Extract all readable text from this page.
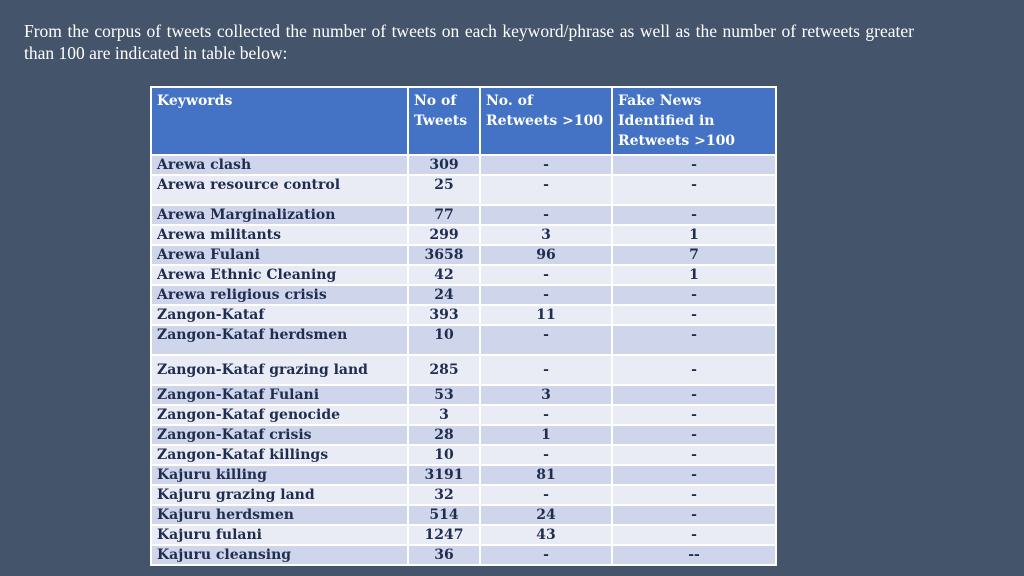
From the corpus of tweets collected the number of tweets on each keyword/phrase as well as the number of retweets greater than 100 are indicated in table below:
Keywords	No of Tweets	No. of Retweets >100	Fake News Identified in Retweets >100
Arewa clash	309	-	-
Arewa resource control	25	-	-
Arewa Marginalization	77	-	-
Arewa militants	299	3	1
Arewa Fulani	3658	96	7
Arewa Ethnic Cleaning	42	-	1
Arewa religious crisis	24	-	-
Zangon-Kataf	393	11	-
Zangon-Kataf herdsmen	10	-	-
Zangon-Kataf grazing land	285	-	-
Zangon-Kataf Fulani	53	3	-
Zangon-Kataf genocide	3	-	-
Zangon-Kataf crisis	28	1	-
Zangon-Kataf killings	10	-	-
Kajuru killing	3191	81	-
Kajuru grazing land	32	-	-
Kajuru herdsmen	514	24	-
Kajuru fulani	1247	43	-
Kajuru cleansing	36	-	--
